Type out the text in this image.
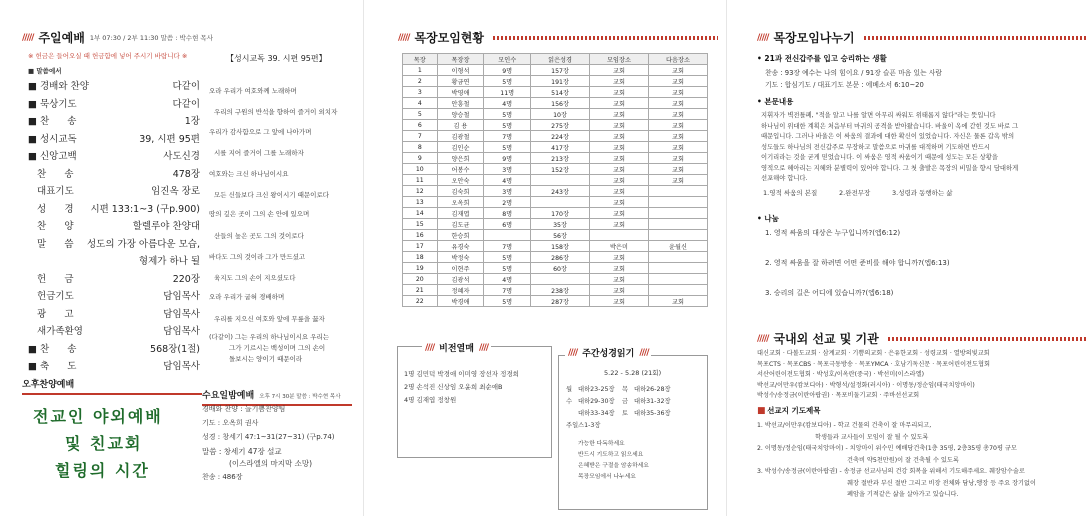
///// 주일예배 1부 07:30 / 2부 11:30 말씀 : 박수현 목사
※ 헌금은 들어오실 때 헌금함에 넣어 주시기 바랍니다 ※
■ 말씀에서
■ 경배와 찬양	다같이
■ 묵상기도	다같이
■ 찬      송	1장
■ 성시교독	39, 시편 95편
■ 신앙고백	사도신경
찬      송	478장
대표기도	임진옥 장로
성      경 시편 133:1~3 (구p.900)
찬      양	할렐루야 찬양대
말      씀 성도의 가장 아름다운 모습,
형제가 하나 될
헌      금	220장
헌금기도	담임목사
광      고	담임목사
새가족환영	담임목사
■ 찬      송	568장(1절)
■ 축      도	담임목사
【성시교독 39. 시편 95편】
오라 우리가 여호와께 노래하며
우리의 구원의 반석을 향하여 즐거이 외치자
우리가 감사함으로 그 앞에 나아가며
시를 지어 즐거이 그를 노래하자
여호와는 크신 하나님이시요
모든 신들보다 크신 왕이시기 때문이로다
땅의 깊은 곳이 그의 손 안에 있으며
산들의 높은 곳도 그의 것이로다
바다도 그의 것이라 그가 만드셨고
육지도 그의 손이 지으셨도다
오라 우리가 굽혀 경배하며
우리를 지으신 여호와 앞에 무릎을 꿇자
(다같이) 그는 우리의 하나님이시요 우리는
그가 기르시는 백성이며 그의 손이
돌보시는 양이기 때문이라
오후찬양예배
전교인 야외예배
및 친교회
힐링의 시간
수요일밤예배 오후 7시 30분 말씀 : 박수현 목사
경배와 찬양 : 늘기쁨찬양팀
기도 : 오옥희 권사
성경 : 창세기 47:1~31(27~31) (구p.74)
말씀 : 창세기 47장 설교
(이스라엘의 마지막 소망)
찬송 : 486장
///// 목장모임현황
목장	목장장	모인수	읽은성경	모임장소	다음장소
1	이형석	9명	157장	교회	교회
2	황금연	5명	191장	교회	교회
3	박영애	11명	514장	교회	교회
4	안흥철	4명	156장	교회	교회
5	양승철	5명	10장	교회	교회
6	김 용	5명	275장	교회	교회
7	김광철	7명	224장	교회	교회
8	김인순	5명	417장	교회	교회
9	양은희	9명	213장	교회	교회
10	어봉수	3명	152장	교회	교회
11	오안숙	4명		교회	교회
12	김숙희	3명	243장	교회	
13	오옥희	2명		교회	
14	김재엽	8명	170장	교회	
15	김도균	6명	35장	교회	
16	한승희		56장		
17	유경숙	7명	158장	박은미	윤월신
18	박정숙	5명	286장	교회	
19	이현주	5명	60장	교회	
20	김광석	4명		교회	
21	정혜자	7명	238장	교회	
22	박경애	5명	287장	교회	교회
//// 비전열매 ////
1명 김민덕 박경애 이미영 장선자 정경희
2명 손석진 신상임 오윤희 최순애B
4명 김재엽 정창원
//// 주간성경읽기 ////
5.22 - 5.28 (21회)
월 대하23-25장 목 대하26-28장
수 대하29-30장 금 대하31-32장
대하33-34장 토 대하35-36장
주일 스1-3장
가능한 다독하세요
반드시 기도하고 읽으세요
은혜받은 구절을 암송하세요
목장모임에서 나누세요
///// 목장모임나누기
• 21과 전신갑주를 입고 승리하는 생활
찬송 : 93장 예수는 나의 힘이요 / 91장 슬픈 마음 있는 사람
기도 : 합심기도 / 대표기도 본문 : 에베소서 6:10~20
• 본문내용
지휘자가 벽전틀폐, "적을 알고 나를 알면 아무리 싸워도 위태롭지 않다"라는 뜻입니다
하나님이 위대한 계획은 처음부터 마귀의 공격을 받아왔습니다. 바울이 옥에 갇힌 것도 바로 그
때문입니다. 그러나 바울은 이 싸움의 결과에 대한 확신이 있었습니다. 자신은 물론 갑옥 밖의
성도들도 하나님의 전신갑주로 무장하고 말씀으로 마귀를 대적하며 기도하면 반드시
이기리라는 것을 굳게 믿었습니다. 이 싸움은 영적 싸움이기 때문에 성도는 모든 상황을
영적으로 헤아리는 지혜와 분별력이 있어야 합니다. 그 첫 출발은 목장의 비밀을 향시 담대하게
선포해야 합니다.
1.영적 싸움의 본질	2.완전무장	3.성령과 동행하는 삶
• 나눔
1. 영적 싸움의 대상은 누구입니까?(엡6:12)
2. 영적 싸움을 잘 하려면 어떤 준비를 해야 합니까?(엡6:13)
3. 승리의 길은 어디에 있습니까?(엡6:18)
///// 국내외 선교 및 기관
대신교회 · 다볼도교회 · 삼계교회 · 기쁨의교회 · 은유한교회 · 성령교회 · 열방의빛교회
목포CTS · 목포CBS · 목포극동방송 · 목포YMCA · 호남기독신문 · 목포어린이전도협회
서산어린이전도협회 · 박성호/이옥란(중국) · 박선미(이스라엘)
박선교/이만우(캄보디아) · 박형석/설정화(러시아) · 이명동/정순임(태국치앙마이)
박성수/송정금(이란아랍권) · 목포비둘기교회 · 주바선선교회
■ 선교지 기도제목
1. 박선교/이만우(캄보디아) - 학교 건물의 건축이 잘 마무리되고,
학생들과 교사들이 모임이 잘 될 수 있도록
2. 이명동/정순임(태국치앙마이) - 치앙마이 위수민 예배당건축(1층 35평, 2층35평 총70평 규모
건축비 약5천만원)이 잘 건축될 수 있도록
3. 박성수/송정금(이란아랍권) - 송정금 선교사님의 건강 회복을 위해서 기도해주세요. 췌장암수술로
췌장 절반과 부신 절반 그리고 비장 전체와 담낭,앵장 등 주요 장기없이
폐암을 기적같은 삶을 살아가고 있습니다.
